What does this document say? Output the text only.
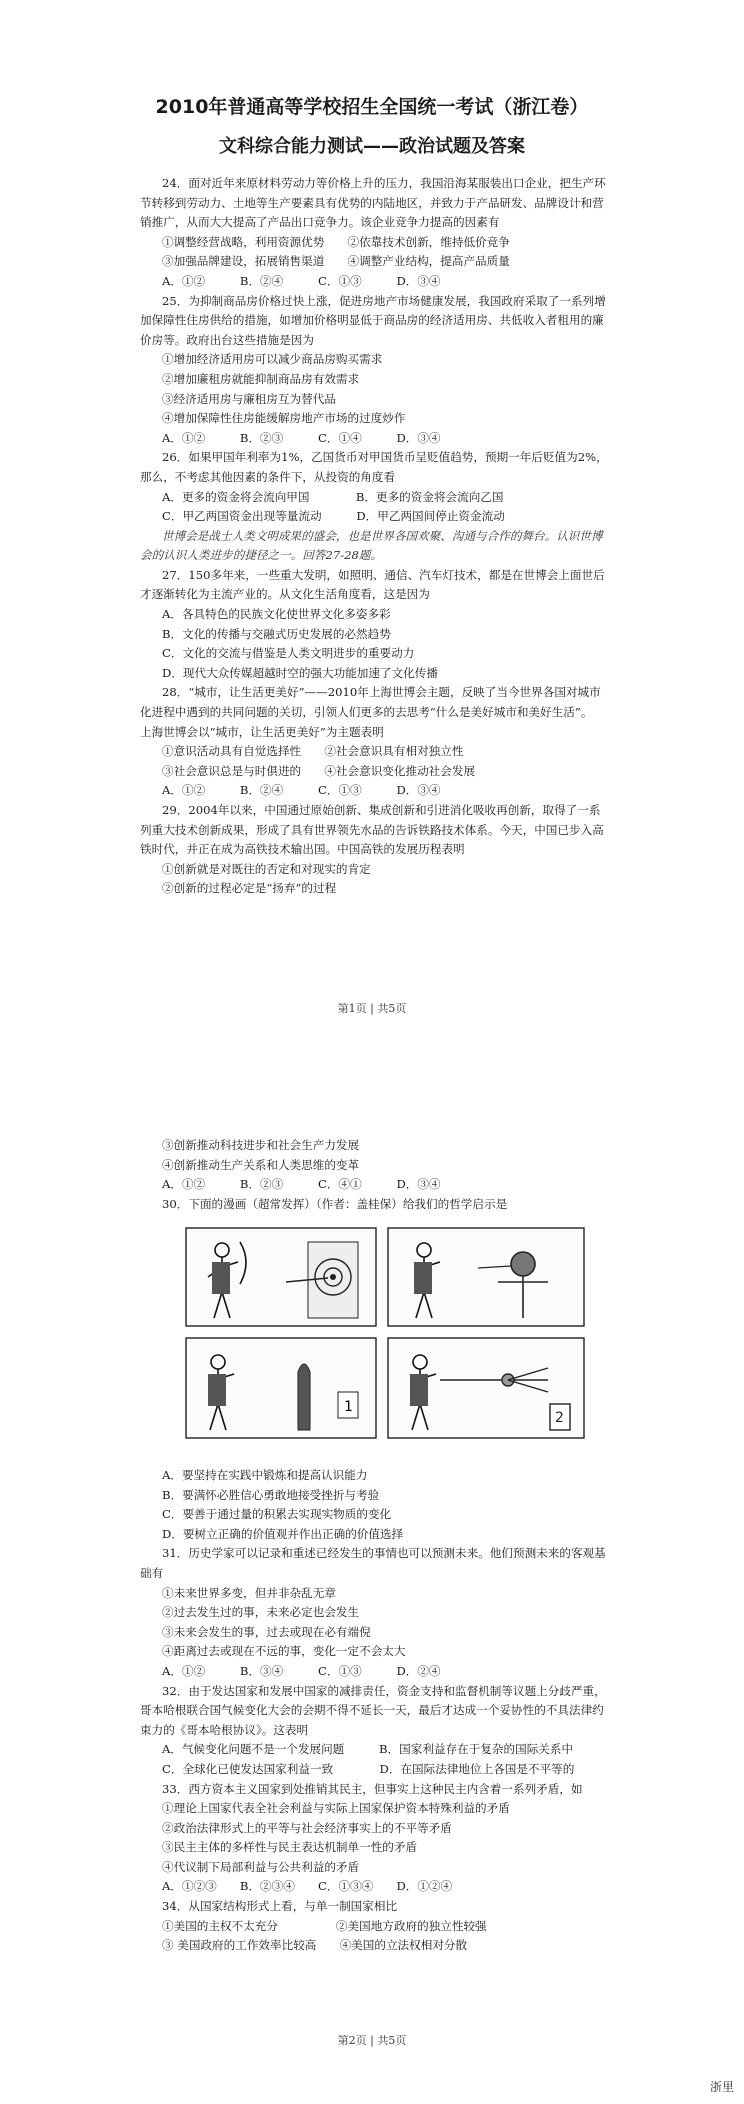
2010年普通高等学校招生全国统一考试（浙江卷）
文科综合能力测试——政治试题及答案
24．面对近年来原材料劳动力等价格上升的压力，我国沿海某服装出口企业，把生产环
节转移到劳动力、土地等生产要素具有优势的内陆地区，并致力于产品研发、品牌设计和营
销推广，从而大大提高了产品出口竞争力。该企业竞争力提高的因素有
①调整经营战略，利用资源优势　　②依靠技术创新，维持低价竞争
③加强品牌建设，拓展销售渠道　　④调整产业结构，提高产品质量
A．①②　　　B．②④　　　C．①③　　　D．③④
25．为抑制商品房价格过快上涨，促进房地产市场健康发展，我国政府采取了一系列增
加保障性住房供给的措施，如增加价格明显低于商品房的经济适用房、共低收入者租用的廉
价房等。政府出台这些措施是因为
①增加经济适用房可以减少商品房购买需求
②增加廉租房就能抑制商品房有效需求
③经济适用房与廉租房互为替代品
④增加保障性住房能缓解房地产市场的过度炒作
A．①②　　　B．②③　　　C．①④　　　D．③④
26．如果甲国年利率为1%，乙国货币对甲国货币呈贬值趋势，预期一年后贬值为2%，
那么，不考虑其他因素的条件下，从投资的角度看
A．更多的资金将会流向甲国　　　　B．更多的资金将会流向乙国
C．甲乙两国资金出现等量流动　　　D．甲乙两国间停止资金流动
世博会是战士人类文明成果的盛会，也是世界各国欢聚、沟通与合作的舞台。认识世博
会的认识人类进步的捷径之一。回答27-28题。
27．150多年来，一些重大发明，如照明、通信、汽车灯技术，都是在世博会上面世后
才逐渐转化为主流产业的。从文化生活角度看，这是因为
A．各具特色的民族文化使世界文化多姿多彩
B．文化的传播与交融式历史发展的必然趋势
C．文化的交流与借鉴是人类文明进步的重要动力
D．现代大众传媒超越时空的强大功能加速了文化传播
28．“城市，让生活更美好”——2010年上海世博会主题，反映了当今世界各国对城市
化进程中遇到的共同问题的关切，引领人们更多的去思考“什么是美好城市和美好生活”。
上海世博会以“城市，让生活更美好”为主题表明
①意识活动具有自觉选择性　　②社会意识具有相对独立性
③社会意识总是与时俱进的　　④社会意识变化推动社会发展
A．①②　　　B．②④　　　C．①③　　　D．③④
29．2004年以来，中国通过原始创新、集成创新和引进消化吸收再创新，取得了一系
列重大技术创新成果，形成了具有世界领先水品的告诉铁路技术体系。今天，中国已步入高
铁时代，并正在成为高铁技术输出国。中国高铁的发展历程表明
①创新就是对既往的否定和对现实的肯定
②创新的过程必定是“扬弃”的过程
第1页 | 共5页
③创新推动科技进步和社会生产力发展
④创新推动生产关系和人类思维的变革
A．①②　　　B．②③　　　C．④①　　　D．③④
30．下面的漫画（超常发挥）（作者：盖桂保）给我们的哲学启示是
1
2
A．要坚持在实践中锻炼和提高认识能力
B．要满怀必胜信心勇敢地接受挫折与考验
C．要善于通过量的积累去实现实物质的变化
D．要树立正确的价值观并作出正确的价值选择
31．历史学家可以记录和重述已经发生的事情也可以预测未来。他们预测未来的客观基
础有
①未来世界多变，但并非杂乱无章
②过去发生过的事，未来必定也会发生
③未来会发生的事，过去或现在必有端倪
④距离过去或现在不远的事，变化一定不会太大
A．①②　　　B．③④　　　C．①③　　　D．②④
32．由于发达国家和发展中国家的减排责任，资金支持和监督机制等议题上分歧严重，
哥本哈根联合国气候变化大会的会期不得不延长一天，最后才达成一个妥协性的不具法律约
束力的《哥本哈根协议》。这表明
A．气候变化问题不是一个发展问题　　　B．国家利益存在于复杂的国际关系中
C．全球化已使发达国家利益一致　　　　D．在国际法律地位上各国是不平等的
33．西方资本主义国家到处推销其民主，但事实上这种民主内含着一系列矛盾，如
①理论上国家代表全社会利益与实际上国家保护资本特殊利益的矛盾
②政治法律形式上的平等与社会经济事实上的不平等矛盾
③民主主体的多样性与民主表达机制单一性的矛盾
④代议制下局部利益与公共利益的矛盾
A．①②③　　B．②③④　　C．①③④　　D．①②④
34．从国家结构形式上看，与单一制国家相比
①美国的主权不太充分　　　　　②美国地方政府的独立性较强
③ 美国政府的工作效率比较高　　④美国的立法权相对分散
第2页 | 共5页
浙里
